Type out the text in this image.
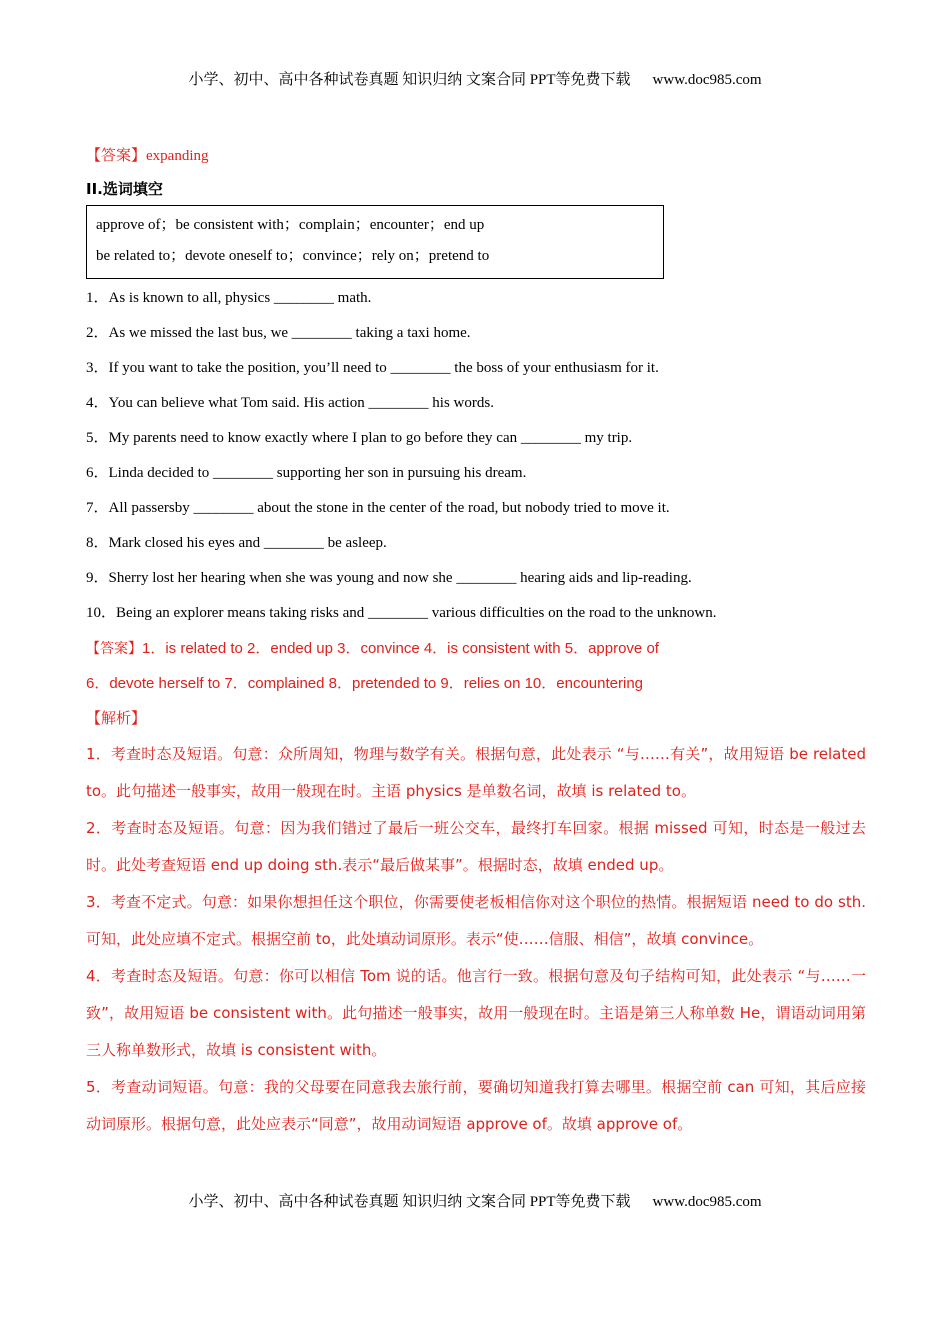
小学、初中、高中各种试卷真题 知识归纳 文案合同 PPT等免费下载 www.doc985.com
【答案】expanding
II.选词填空
approve of；be consistent with；complain；encounter；end up
be related to；devote oneself to；convince；rely on；pretend to
1．As is known to all, physics ________ math.
2．As we missed the last bus, we ________ taking a taxi home.
3．If you want to take the position, you’ll need to ________ the boss of your enthusiasm for it.
4．You can believe what Tom said. His action ________ his words.
5．My parents need to know exactly where I plan to go before they can ________ my trip.
6．Linda decided to ________ supporting her son in pursuing his dream.
7．All passersby ________ about the stone in the center of the road, but nobody tried to move it.
8．Mark closed his eyes and ________ be asleep.
9．Sherry lost her hearing when she was young and now she ________ hearing aids and lip-reading.
10．Being an explorer means taking risks and ________ various difficulties on the road to the unknown.
【答案】1．is related to 2．ended up 3．convince 4．is consistent with 5．approve of
6．devote herself to 7．complained 8．pretended to 9．relies on 10．encountering
【解析】
1．考查时态及短语。句意：众所周知，物理与数学有关。根据句意，此处表示 “与……有关”，故用短语 be related to。此句描述一般事实，故用一般现在时。主语 physics 是单数名词，故填 is related to。
2．考查时态及短语。句意：因为我们错过了最后一班公交车，最终打车回家。根据 missed 可知，时态是一般过去时。此处考查短语 end up doing sth.表示“最后做某事”。根据时态，故填 ended up。
3．考查不定式。句意：如果你想担任这个职位，你需要使老板相信你对这个职位的热情。根据短语 need to do sth.可知，此处应填不定式。根据空前 to，此处填动词原形。表示“使……信服、相信”，故填 convince。
4．考查时态及短语。句意：你可以相信 Tom 说的话。他言行一致。根据句意及句子结构可知，此处表示 “与……一致”，故用短语 be consistent with。此句描述一般事实，故用一般现在时。主语是第三人称单数 He，谓语动词用第三人称单数形式，故填 is consistent with。
5．考查动词短语。句意：我的父母要在同意我去旅行前，要确切知道我打算去哪里。根据空前 can 可知，其后应接动词原形。根据句意，此处应表示“同意”，故用动词短语 approve of。故填 approve of。
小学、初中、高中各种试卷真题 知识归纳 文案合同 PPT等免费下载 www.doc985.com
